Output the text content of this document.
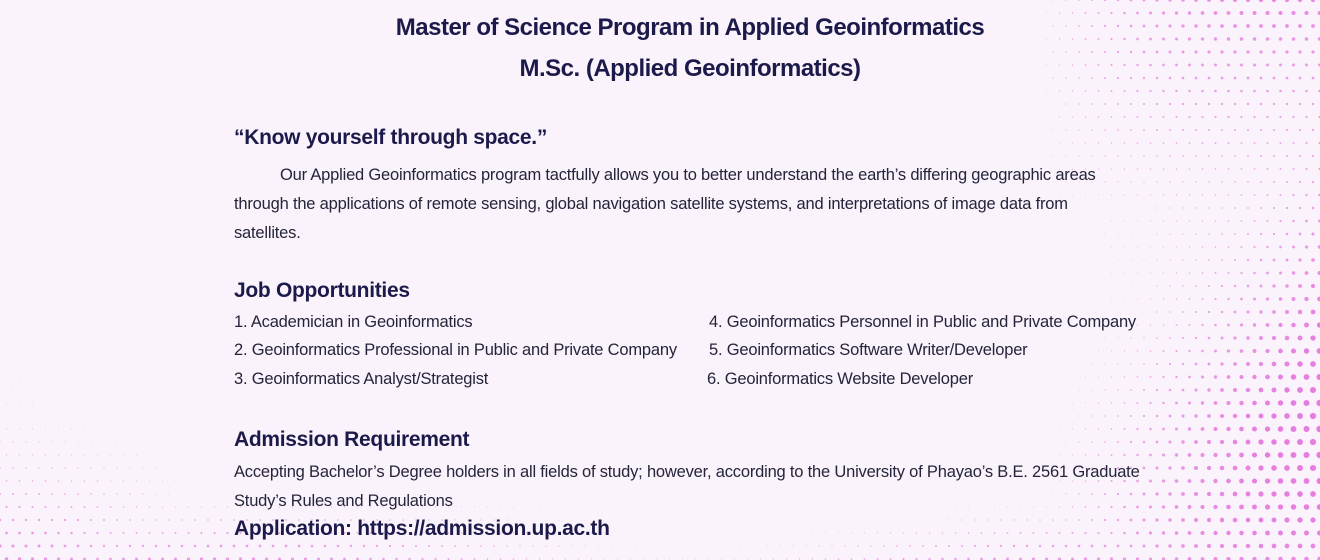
Master of Science Program in Applied Geoinformatics
M.Sc. (Applied Geoinformatics)
“Know yourself through space.”
Our Applied Geoinformatics program tactfully allows you to better understand the earth’s differing geographic areas through the applications of remote sensing, global navigation satellite systems, and interpretations of image data from satellites.
Job Opportunities
1. Academician in Geoinformatics
2. Geoinformatics Professional in Public and Private Company
3. Geoinformatics Analyst/Strategist
4. Geoinformatics Personnel in Public and Private Company
5. Geoinformatics Software Writer/Developer
6. Geoinformatics Website Developer
Admission Requirement
Accepting Bachelor’s Degree holders in all fields of study; however, according to the University of Phayao’s B.E. 2561 Graduate Study’s Rules and Regulations
Application: https://admission.up.ac.th
